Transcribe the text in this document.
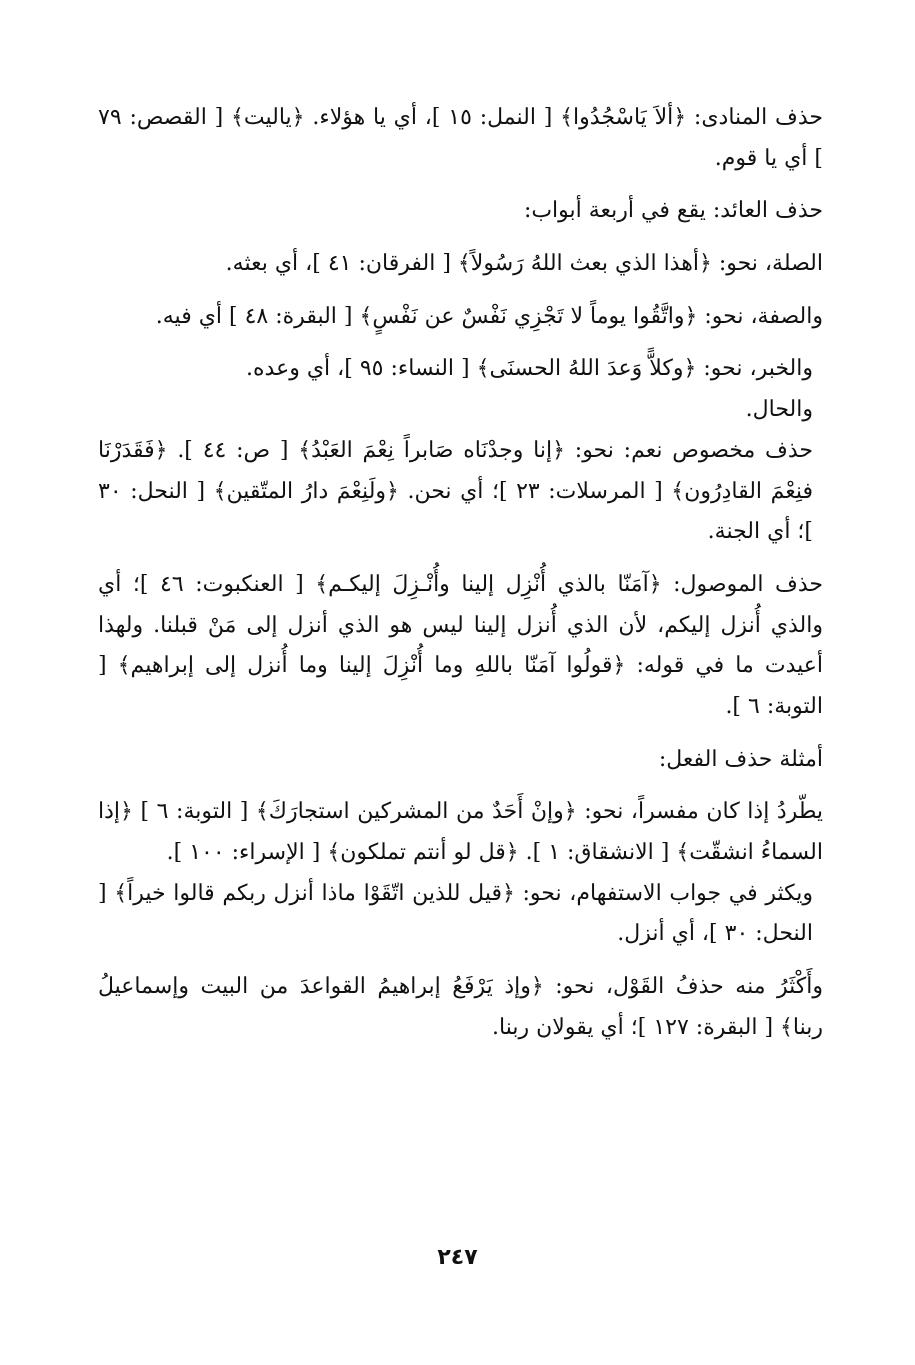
حذف المنادى: ﴿ألاَ يَاسْجُدُوا﴾ [ النمل: ١٥ ]، أي يا هؤلاء. ﴿ياليت﴾ [ القصص: ٧٩ ] أي يا قوم.

حذف العائد: يقع في أربعة أبواب:

الصلة، نحو: ﴿أهذا الذي بعث اللهُ رَسُولاً﴾ [ الفرقان: ٤١ ]، أي بعثه.

والصفة، نحو: ﴿واتَّقُوا يوماً لا تَجْزِي نَفْسٌ عن نَفْسٍ﴾ [ البقرة: ٤٨ ] أي فيه.

والخبر، نحو: ﴿وكلاًّ وَعدَ اللهُ الحسنَى﴾ [ النساء: ٩٥ ]، أي وعده.

والحال.

حذف مخصوص نعم: نحو: ﴿إنا وجدْنَاه صَابراً نِعْمَ العَبْدُ﴾ [ ص: ٤٤ ]. ﴿فَقَدَرْنَا فنِعْمَ القادِرُون﴾ [ المرسلات: ٢٣ ]؛ أي نحن. ﴿ولَنِعْمَ دارُ المتّقين﴾ [ النحل: ٣٠ ]؛ أي الجنة.

حذف الموصول: ﴿آمَنّا بالذي أُنْزِل إلينا وأُنْـزِلَ إليكـم﴾ [ العنكبوت: ٤٦ ]؛ أي والذي أُنزل إليكم، لأن الذي أُنزل إلينا ليس هو الذي أنزل إلى مَنْ قبلنا. ولهذا أعيدت ما في قوله: ﴿قولُوا آمَنّا باللهِ وما أُنْزِلَ إلينا وما أُنزل إلى إبراهيم﴾ [ التوبة: ٦ ].

أمثلة حذف الفعل:

يطّردُ إذا كان مفسراً، نحو: ﴿وإنْ أَحَدٌ من المشركين استجارَكَ﴾ [ التوبة: ٦ ] ﴿إذا السماءُ انشقّت﴾ [ الانشقاق: ١ ]. ﴿قل لو أنتم تملكون﴾ [ الإسراء: ١٠٠ ].

ويكثر في جواب الاستفهام، نحو: ﴿قيل للذين اتّقَوْا ماذا أنزل ربكم قالوا خيراً﴾ [ النحل: ٣٠ ]، أي أنزل.

وأَكْثَرُ منه حذفُ القَوْل، نحو: ﴿وإذ يَرْفَعُ إبراهيمُ القواعدَ من البيت وإسماعيلُ ربنا﴾ [ البقرة: ١٢٧ ]؛ أي يقولان ربنا.

٢٤٧
